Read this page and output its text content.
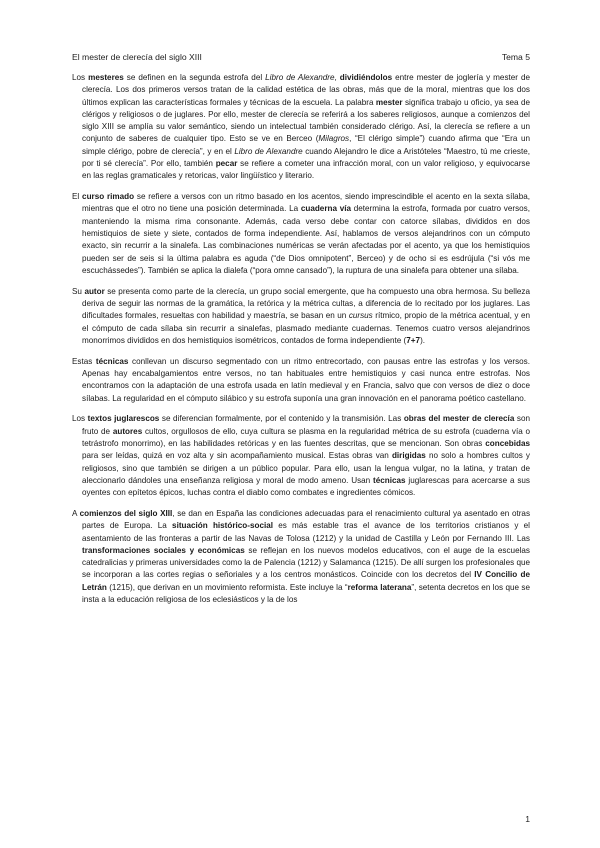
El mester de clerecía del siglo XIII	Tema 5

Los mesteres se definen en la segunda estrofa del Libro de Alexandre, dividiéndolos entre mester de joglería y mester de clerecía. Los dos primeros versos tratan de la calidad estética de las obras, más que de la moral, mientras que los dos últimos explican las características formales y técnicas de la escuela. La palabra mester significa trabajo u oficio, ya sea de clérigos y religiosos o de juglares. Por ello, mester de clerecía se referirá a los saberes religiosos, aunque a comienzos del siglo XIII se amplía su valor semántico, siendo un intelectual también considerado clérigo. Así, la clerecía se refiere a un conjunto de saberes de cualquier tipo. Esto se ve en Berceo (Milagros, “El clérigo simple”) cuando afirma que “Era un simple clérigo, pobre de clerecía”, y en el Libro de Alexandre cuando Alejandro le dice a Aristóteles “Maestro, tú me crieste, por ti sé clerecía”. Por ello, también pecar se refiere a cometer una infracción moral, con un valor religioso, y equivocarse en las reglas gramaticales y retoricas, valor lingüístico y literario.

El curso rimado se refiere a versos con un ritmo basado en los acentos, siendo imprescindible el acento en la sexta sílaba, mientras que el otro no tiene una posición determinada. La cuaderna vía determina la estrofa, formada por cuatro versos, manteniendo la misma rima consonante. Además, cada verso debe contar con catorce sílabas, divididos en dos hemistiquios de siete y siete, contados de forma independiente. Así, hablamos de versos alejandrinos con un cómputo exacto, sin recurrir a la sinalefa. Las combinaciones numéricas se verán afectadas por el acento, ya que los hemistiquios pueden ser de seis si la última palabra es aguda (“de Dios omnipotent”, Berceo) y de ocho si es esdrújula (“si vós me escuchássedes”). También se aplica la dialefa (“pora omne cansado”), la ruptura de una sinalefa para obtener una sílaba.

Su autor se presenta como parte de la clerecía, un grupo social emergente, que ha compuesto una obra hermosa. Su belleza deriva de seguir las normas de la gramática, la retórica y la métrica cultas, a diferencia de lo recitado por los juglares. Las dificultades formales, resueltas con habilidad y maestría, se basan en un cursus rítmico, propio de la métrica acentual, y en el cómputo de cada sílaba sin recurrir a sinalefas, plasmado mediante cuadernas. Tenemos cuatro versos alejandrinos monorrimos divididos en dos hemistiquios isométricos, contados de forma independiente (7+7).

Estas técnicas conllevan un discurso segmentado con un ritmo entrecortado, con pausas entre las estrofas y los versos. Apenas hay encabalgamientos entre versos, no tan habituales entre hemistiquios y casi nunca entre estrofas. Nos encontramos con la adaptación de una estrofa usada en latín medieval y en Francia, salvo que con versos de diez o doce sílabas. La regularidad en el cómputo silábico y su estrofa suponía una gran innovación en el panorama poético castellano.

Los textos juglarescos se diferencian formalmente, por el contenido y la transmisión. Las obras del mester de clerecía son fruto de autores cultos, orgullosos de ello, cuya cultura se plasma en la regularidad métrica de su estrofa (cuaderna vía o tetrástrofo monorrimo), en las habilidades retóricas y en las fuentes descritas, que se mencionan. Son obras concebidas para ser leídas, quizá en voz alta y sin acompañamiento musical. Estas obras van dirigidas no solo a hombres cultos y religiosos, sino que también se dirigen a un público popular. Para ello, usan la lengua vulgar, no la latina, y tratan de aleccionarlo dándoles una enseñanza religiosa y moral de modo ameno. Usan técnicas juglarescas para acercarse a sus oyentes con epítetos épicos, luchas contra el diablo como combates e ingredientes cómicos.

A comienzos del siglo XIII, se dan en España las condiciones adecuadas para el renacimiento cultural ya asentado en otras partes de Europa. La situación histórico-social es más estable tras el avance de los territorios cristianos y el asentamiento de las fronteras a partir de las Navas de Tolosa (1212) y la unidad de Castilla y León por Fernando III. Las transformaciones sociales y económicas se reflejan en los nuevos modelos educativos, con el auge de la escuelas catedralicias y primeras universidades como la de Palencia (1212) y Salamanca (1215). De allí surgen los profesionales que se incorporan a las cortes regias o señoriales y a los centros monásticos. Coincide con los decretos del IV Concilio de Letrán (1215), que derivan en un movimiento reformista. Este incluye la “reforma laterana”, setenta decretos en los que se insta a la educación religiosa de los eclesiásticos y la de los

1
